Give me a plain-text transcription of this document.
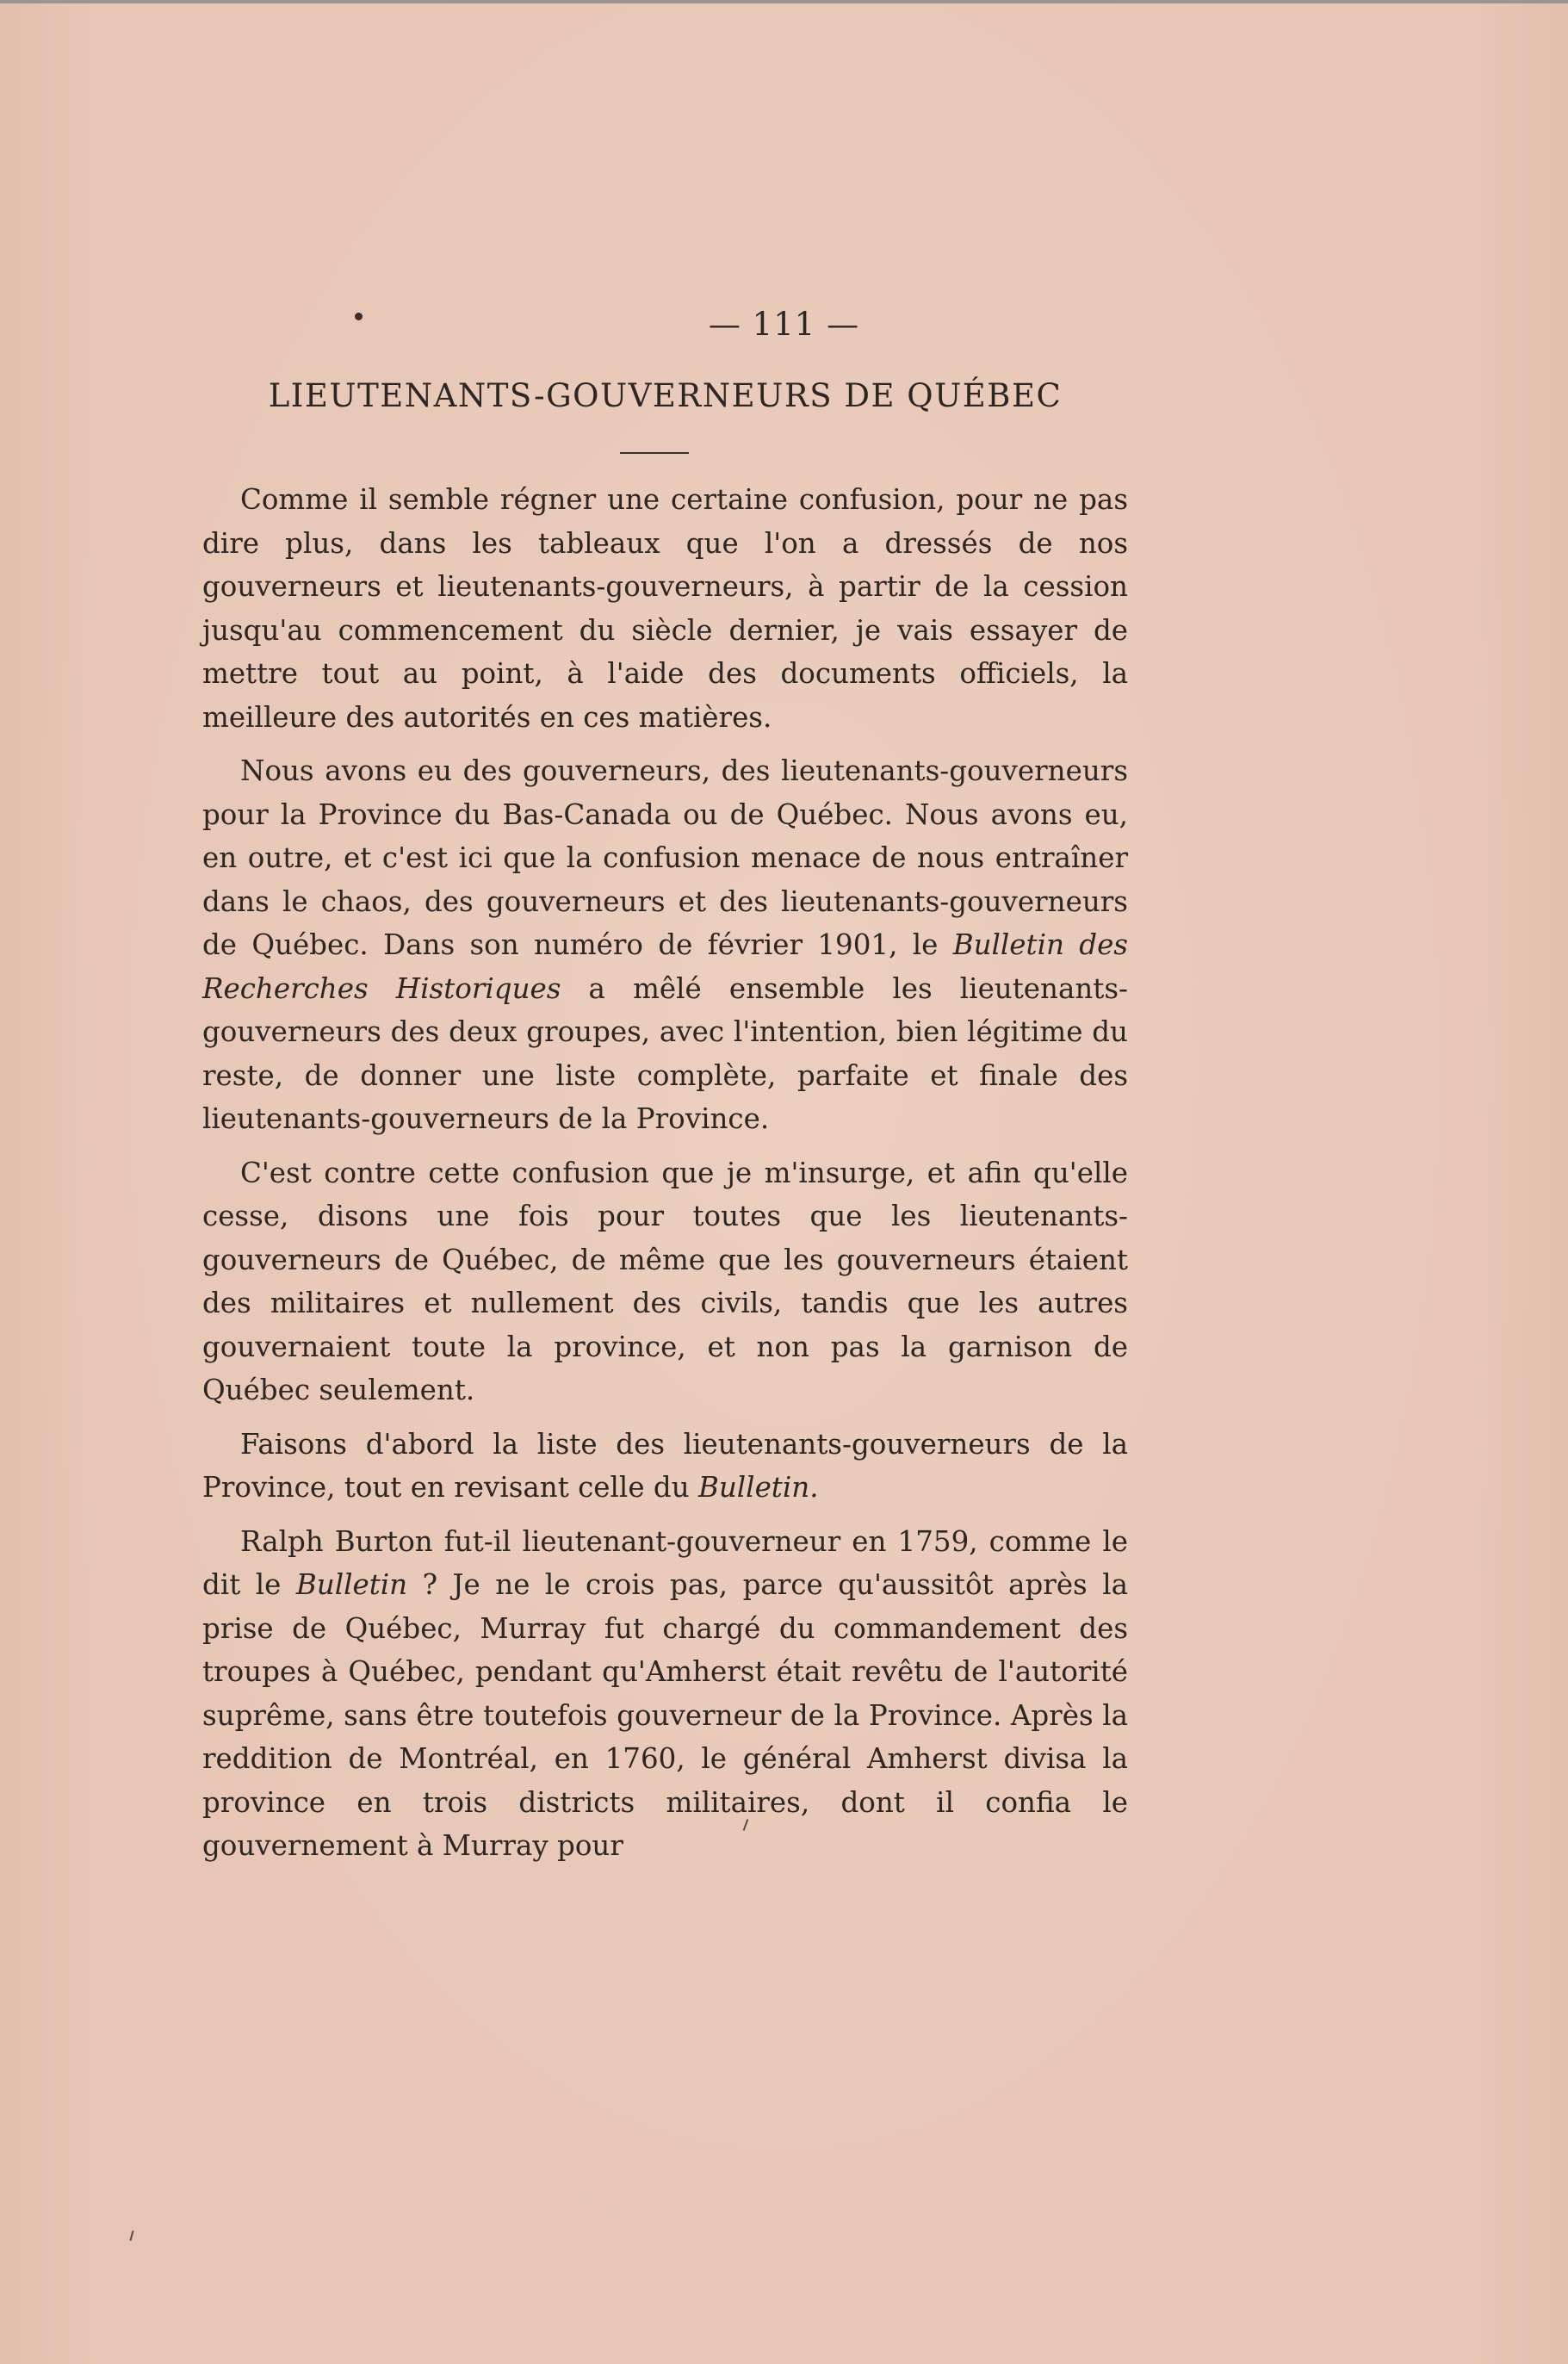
— 111 —
LIEUTENANTS-GOUVERNEURS DE QUÉBEC

Comme il semble régner une certaine confusion, pour ne pas dire plus, dans les tableaux que l'on a dressés de nos gouverneurs et lieutenants-gouverneurs, à partir de la cession jusqu'au commencement du siècle dernier, je vais essayer de mettre tout au point, à l'aide des documents officiels, la meilleure des autorités en ces matières.

Nous avons eu des gouverneurs, des lieutenants-gouverneurs pour la Province du Bas-Canada ou de Québec. Nous avons eu, en outre, et c'est ici que la confusion menace de nous entraîner dans le chaos, des gouverneurs et des lieutenants-gouverneurs de Québec. Dans son numéro de février 1901, le Bulletin des Recherches Historiques a mêlé ensemble les lieutenants-gouverneurs des deux groupes, avec l'intention, bien légitime du reste, de donner une liste complète, parfaite et finale des lieutenants-gouverneurs de la Province.

C'est contre cette confusion que je m'insurge, et afin qu'elle cesse, disons une fois pour toutes que les lieutenants-gouverneurs de Québec, de même que les gouverneurs étaient des militaires et nullement des civils, tandis que les autres gouvernaient toute la province, et non pas la garnison de Québec seulement.

Faisons d'abord la liste des lieutenants-gouverneurs de la Province, tout en revisant celle du Bulletin.

Ralph Burton fut-il lieutenant-gouverneur en 1759, comme le dit le Bulletin ? Je ne le crois pas, parce qu'aussitôt après la prise de Québec, Murray fut chargé du commandement des troupes à Québec, pendant qu'Amherst était revêtu de l'autorité suprême, sans être toutefois gouverneur de la Province. Après la reddition de Montréal, en 1760, le général Amherst divisa la province en trois districts militaires, dont il confia le gouvernement à Murray pour
